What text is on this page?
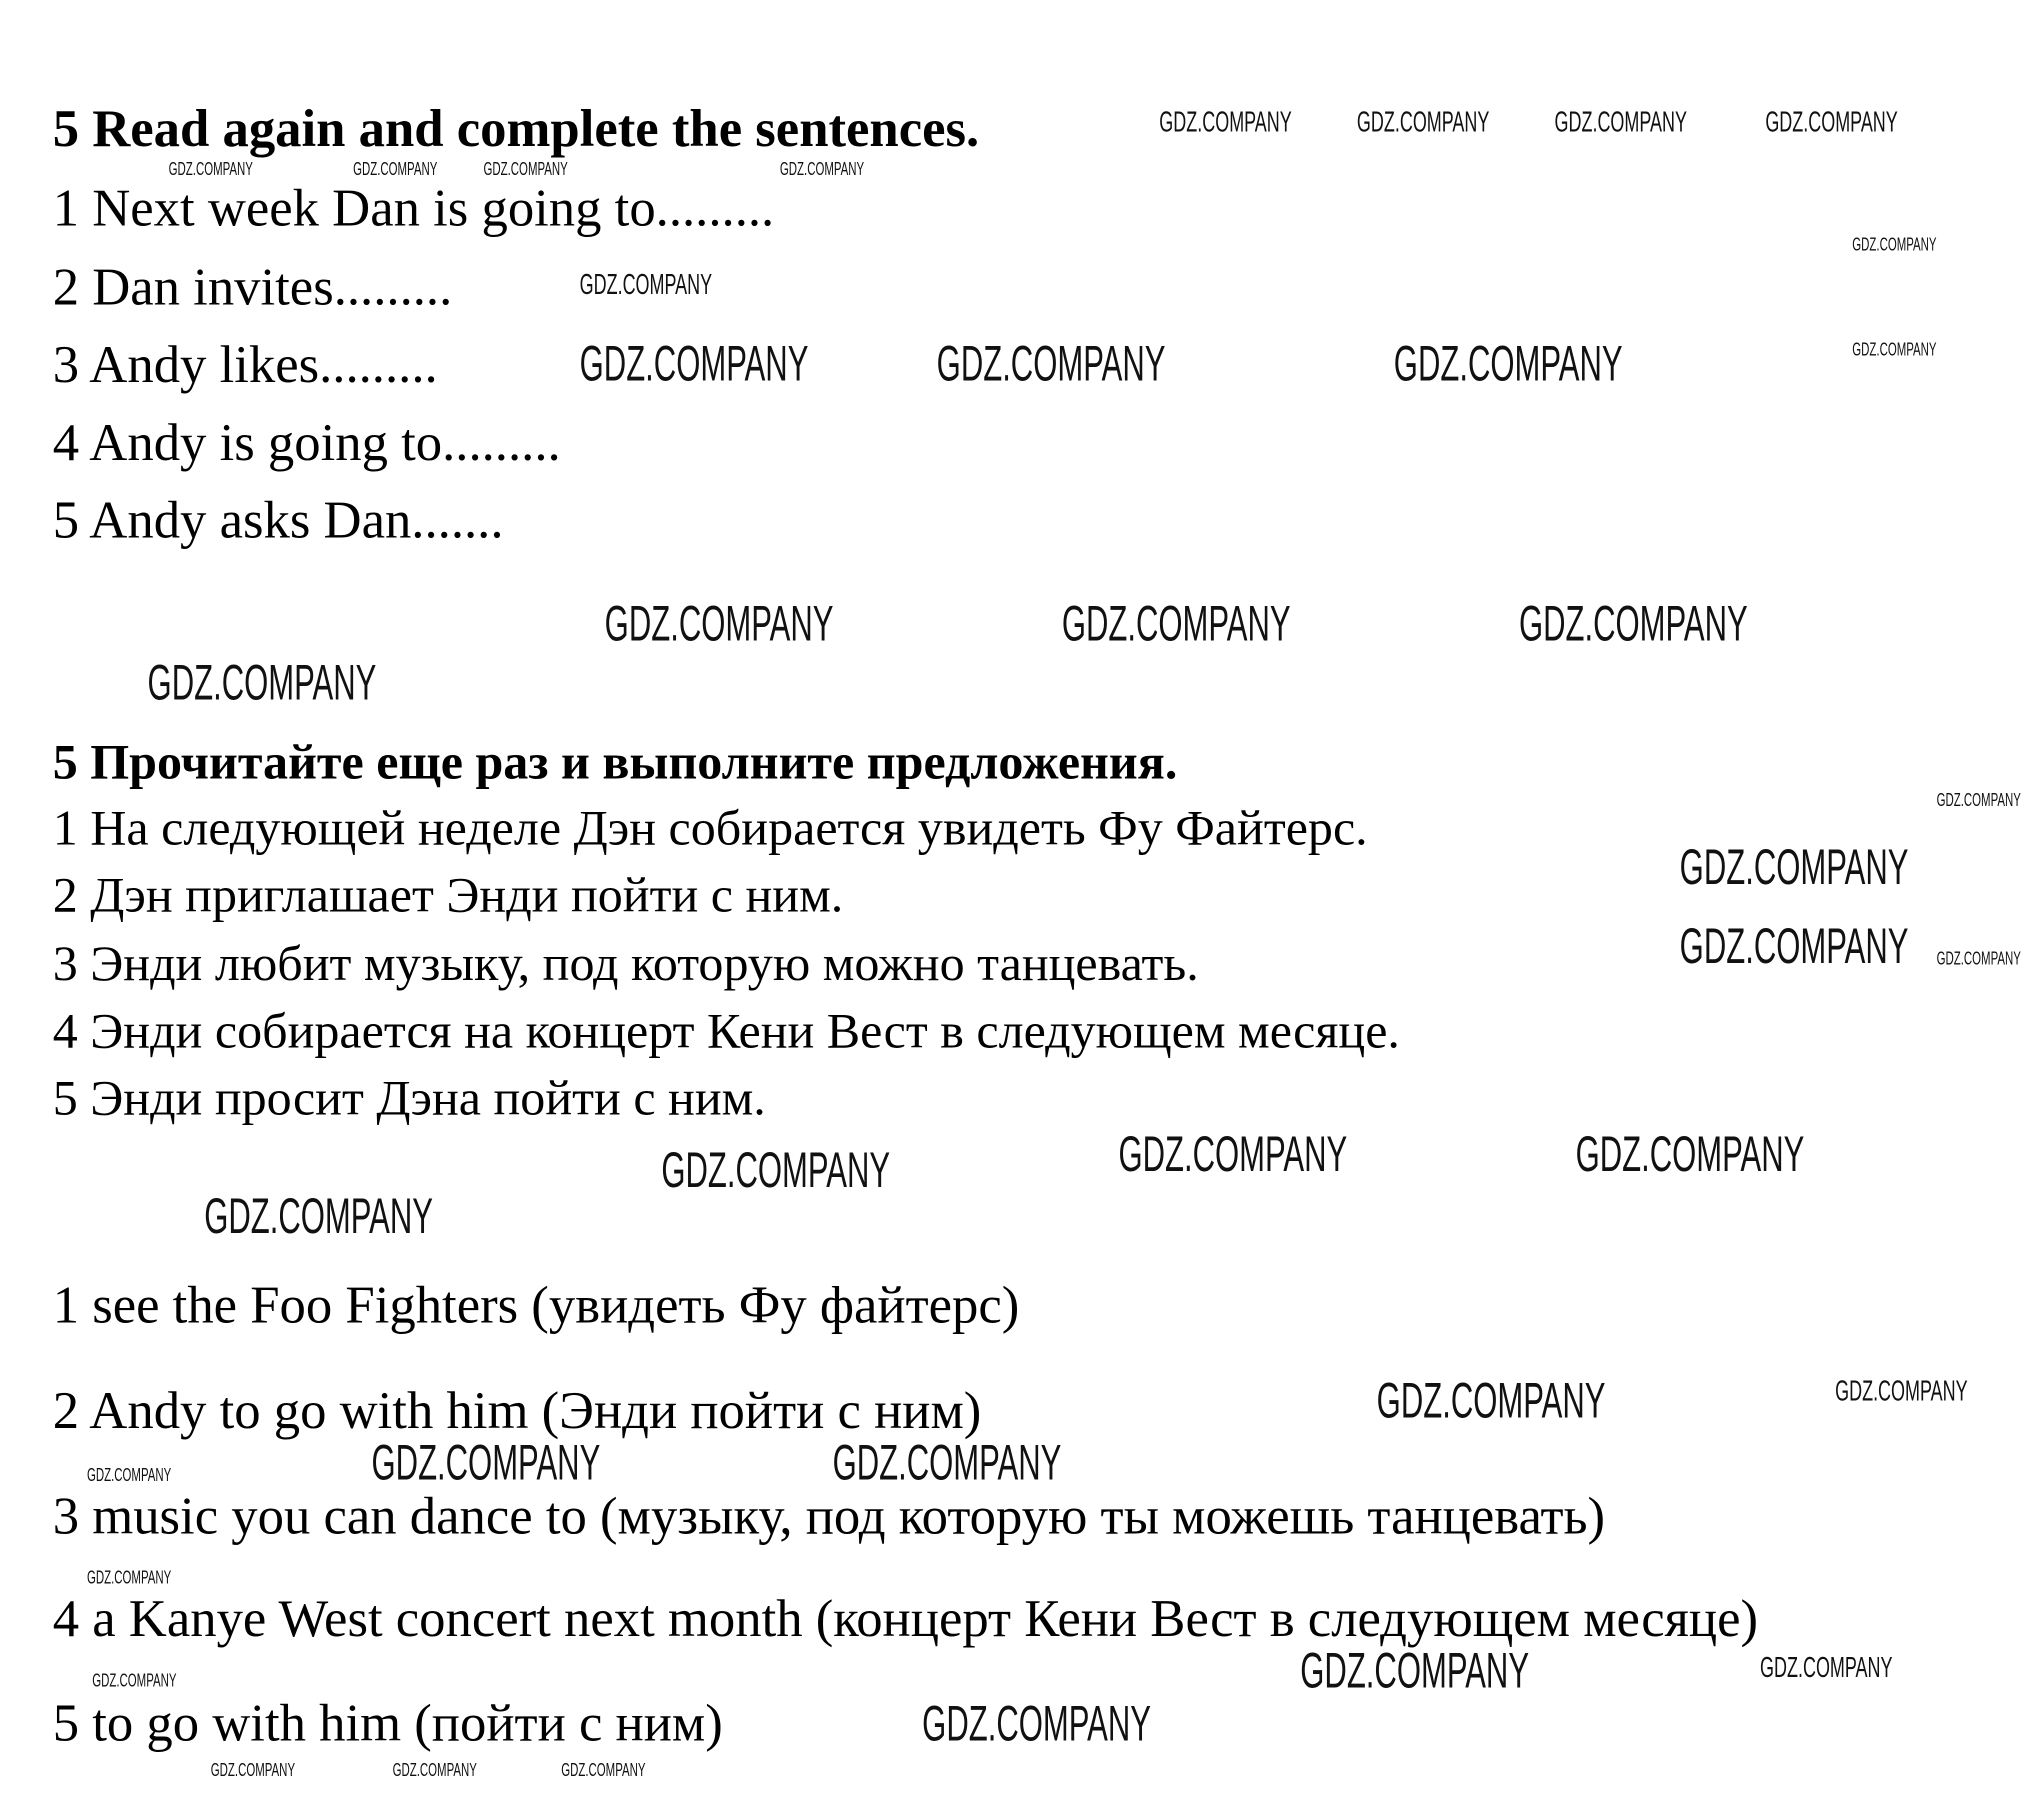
5 Read again and complete the sentences.
1 Next week Dan is going to.........
2 Dan invites.........
3 Andy likes.........
4 Andy is going to.........
5 Andy asks Dan.......
5 Прочитайте еще раз и выполните предложения.
1 На следующей неделе Дэн собирается увидеть Фу Файтерс.
2 Дэн приглашает Энди пойти с ним.
3 Энди любит музыку, под которую можно танцевать.
4 Энди собирается на концерт Кени Вест в следующем месяце.
5 Энди просит Дэна пойти с ним.
1 see the Foo Fighters (увидеть Фу файтерс)
2 Andy to go with him (Энди пойти с ним)
3 music you can dance to (музыку, под которую ты можешь танцевать)
4 a Kanye West concert next month (концерт Кени Вест в следующем месяце)
5 to go with him (пойти с ним)
GDZ.COMPANY	GDZ.COMPANY	GDZ.COMPANY
GDZ.COMPANY	GDZ.COMPANY	GDZ.COMPANY
GDZ.COMPANY
GDZ.COMPANY
GDZ.COMPANY
GDZ.COMPANY	GDZ.COMPANY	GDZ.COMPANY
GDZ.COMPANY
GDZ.COMPANY
GDZ.COMPANY	GDZ.COMPANY
GDZ.COMPANY
GDZ.COMPANY
GDZ.COMPANY	GDZ.COMPANY	GDZ.COMPANY	GDZ.COMPANY
GDZ.COMPANY
GDZ.COMPANY
GDZ.COMPANY
GDZ.COMPANY
GDZ.COMPANY
GDZ.COMPANY
GDZ.COMPANY	GDZ.COMPANY	GDZ.COMPANY	GDZ.COMPANY
GDZ.COMPANY
GDZ.COMPANY
GDZ.COMPANY
GDZ.COMPANY
GDZ.COMPANY	GDZ.COMPANY	GDZ.COMPANY
